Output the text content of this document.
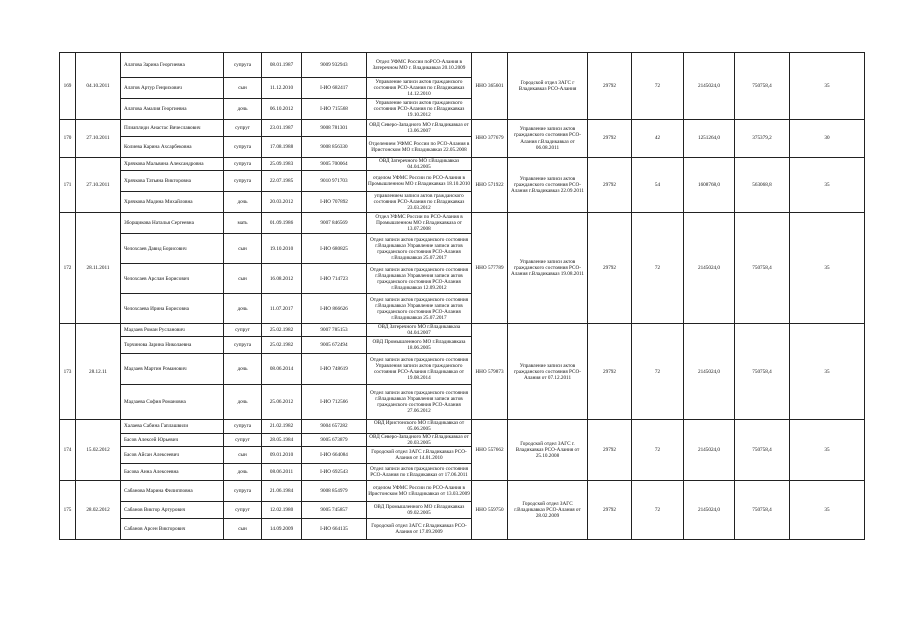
169	04.10.2011	Алатова Зарина Георгиевна	супруга	08.01.1987	9009 932943	Отдел УФМС России поРСО-Алания в Затеречном МО г. Владикавказ 20.10.2009	ННО 365601	Городской отдел ЗАГС г Владикавказ РСО-Алания	29792	72	2145024,0	750758,4	35
		Алатов Артур Генрихович	сын	11.12.2010	I-ИО 682417	Управление записи актов гражданского состояния РСО-Алания по г.Владикавказ 14.12.2010							
		Алатова Амалия Георгиевна	дочь	06.10.2012	I-ИО 715568	Управление записи актов гражданского состояния РСО-Алания по г.Владикавказ 19.10.2012							
170	27.10.2011	Плиаплиди Анастас Вячеславович	супруг	23.01.1987	9008 781301	ОВД Северо-Западного МО г.Владикавказ от 13.06.2007	ННО 377679	Управление записи актов гражданского состояния РСО-Алания г.Владикавказ от 06.08.2011	29792	42	1251264,0	375379,2	30
		Колиева Карина Ахсарбековна	супруга	17.08.1988	9008 856330	Отделением УФМС России по РСО-Алания в Иристонском МО г.Владикавказ 22.05.2008							
171	27.10.2011	Хрячкова Мальвина Александровна	супруга	25.09.1983	9005 700064	ОВД Затеречного МО г.Владикавказ 04.04.2005	ННО 571922	Управление записи актов гражданского состояния РСО-Алания г.Владикавказ 22.09.2011	29792	54	1608768,0	563068,8	35
		Хрячкова Татьяна Викторовна	супруга	22.07.1985	9010 971703	отделом УФМС России по РСО-Алания в Промышленном МО г.Владикавказ 18.10.2010							
		Хрячкова Мадина Михайловна	дочь	20.03.2012	I-ИО 707892	управлением записи актов гражданского состояния РСО-Алания по г.Владикавказ 23.03.2012							
172	28.11.2011	Зборщикова Наталья Сергеевна	мать	01.09.1986	9007 846569	Отдел УФМС России по РСО-Алания в Промышленном МО г.Владикавказа от 13.07.2008	ННО 577789	Управление записи актов гражданского состояния РСО-Алания г.Владикавказ 19.08.2011	29792	72	2145024,0	750758,4	35
		Челохсаев Давид Борисович	сын	19.10.2010	I-ИО 680825	Отдел записи актов гражданского состояния г.Владикавказ Управление записи актов гражданского состояния РСО-Алания г.Владикавказ 25.07.2017							
		Челохсаев Арслан Борисович	сын	16.08.2012	I-ИО 714723	Отдел записи актов гражданского состояния г.Владикавказ Управления записи актов гражданского состояния РСО-Алания г.Владикавказ 12.09.2012							
		Челохсаева Ирина Борисовна	дочь	11.07.2017	I-ИО 866626	Отдел записи актов гражданского состояния г.Владикавказ Управление записи актов гражданского состояния РСО-Алания г.Владикавказ 25.07.2017							
173	28.12.11	Мадзаев Роман Русланович	супруг	25.02.1982	9007 785153	ОВД Затеречного МО г.Владикавказа 04.04.2007	ННО 579873	Управление записи актов гражданского состояния РСО-Алания от 07.12.2011	29792	72	2145024,0	750758,4	35
		Торчинова Зарина Николаевна	супруга	25.02.1982	9005 672494	ОВД Промышленного МО г.Владикавказа 18.06.2005							
		Мадзаев Мартин Романович	дочь	08.06.2014	I-ИО 748619	Отдел записи актов гражданского состояния Управления записи актов гражданского состояния РСО-Алания г.Владикавказ от 19.08.2014							
		Мадзаева София Романовна	дочь	25.06.2012	I-ИО 712566	Отдел записи актов гражданского состояния г.Владикавказ Управления записи актов гражданского состояния РСО-Алания 27.06.2012							
174	15.02.2012	Халаева Сабина Гаплашвили	супруга	21.02.1982	9004 657282	ОВД Иристонского МО г.Владикавказ от 05.06.2005	ННО 557662	Городской отдел ЗАГС г. Владикавказ РСО-Алания от 25.10.2008	29792	72	2145024,0	750758,4	35
		Басов Алексей Юрьевич	супруг	28.05.1984	9005 673879	ОВД Северо-Западного МО г.Владикавказ от 20.03.2005							
		Басов Айсан Алексеевич	сын	09.01.2010	I-ИО 664084	Городской отдел ЗАГС г.Владикавказ РСО-Алания от 14.01.2010							
		Басова Анна Алексеевна	дочь	08.06.2011	I-ИО 692543	Отдел записи актов гражданского состояния РСО-Алания по г.Владикавказ от 17.06.2011							
175	28.02.2012	Сабанова Марина Филипповна	супруга	21.06.1984	9008 854979	отделом УФМС России по РСО-Алания в Иристонском МО г.Владикавказ от 13.03.2009	ННО 559750	Городской отдел ЗАГС г.Владикавказ РСО-Алания от 28.02.2009	29792	72	2145024,0	750758,4	35
		Сабанов Виктор Артурович	супруг	12.02.1980	9005 745857	ОВД Промышленного МО г.Владикавказ 09.02.2005							
		Сабанов Арсен Викторович	сын	14.09.2009	I-ИО 664135	Городской отдел ЗАГС г.Владикавказ РСО-Алания от 17.09.2009							
